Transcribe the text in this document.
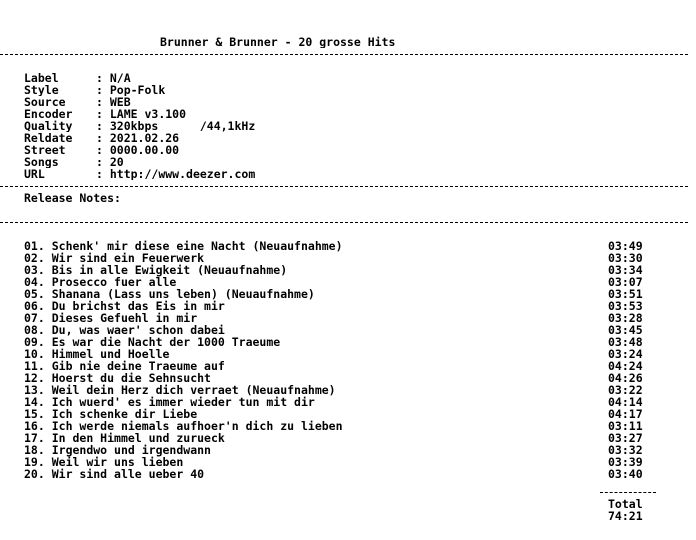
Brunner & Brunner - 20 grosse Hits
Label	: N/A
Style	: Pop-Folk
Source	: WEB
Encoder : LAME v3.100
Quality : 320kbps      /44,1kHz
Reldate : 2021.02.26
Street	: 0000.00.00
Songs	: 20
URL	: http://www.deezer.com
Release Notes:
01. Schenk' mir diese eine Nacht (Neuaufnahme)	03:49
02. Wir sind ein Feuerwerk	03:30
03. Bis in alle Ewigkeit (Neuaufnahme)	03:34
04. Prosecco fuer alle	03:07
05. Shanana (Lass uns leben) (Neuaufnahme)	03:51
06. Du brichst das Eis in mir	03:53
07. Dieses Gefuehl in mir	03:28
08. Du, was waer' schon dabei	03:45
09. Es war die Nacht der 1000 Traeume	03:48
10. Himmel und Hoelle	03:24
11. Gib nie deine Traeume auf	04:24
12. Hoerst du die Sehnsucht	04:26
13. Weil dein Herz dich verraet (Neuaufnahme)	03:22
14. Ich wuerd' es immer wieder tun mit dir	04:14
15. Ich schenke dir Liebe	04:17
16. Ich werde niemals aufhoer'n dich zu lieben	03:11
17. In den Himmel und zurueck	03:27
18. Irgendwo und irgendwann	03:32
19. Weil wir uns lieben	03:39
20. Wir sind alle ueber 40	03:40
Total
74:21
